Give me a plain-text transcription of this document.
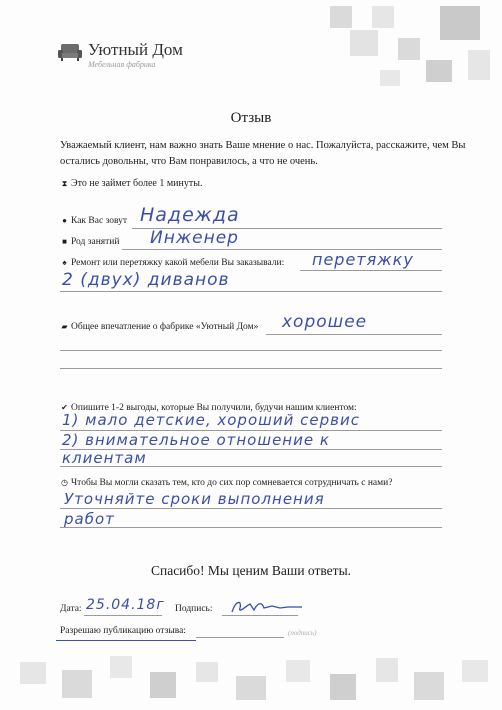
Уютный Дом
Мебельная фабрика
Отзыв
Уважаемый клиент, нам важно знать Ваше мнение о нас. Пожалуйста, расскажите, чем Вы остались довольны, что Вам понравилось, а что не очень.
⧗ Это не займет более 1 минуты.
● Как Вас зовут Надежда
■ Род занятий Инженер
♠ Ремонт или перетяжку какой мебели Вы заказывали: перетяжку
2 (двух) диванов
▰ Общее впечатление о фабрике «Уютный Дом» хорошее
✔ Опишите 1-2 выгоды, которые Вы получили, будучи нашим клиентом:
1) мало детские, хороший сервис
2) внимательное отношение к
клиентам
◷ Чтобы Вы могли сказать тем, кто до сих пор сомневается сотрудничать с нами?
Уточняйте сроки выполнения
работ
Спасибо! Мы ценим Ваши ответы.
Дата: 25.04.18г Подпись:
Разрешаю публикацию отзыва:	(подпись)
